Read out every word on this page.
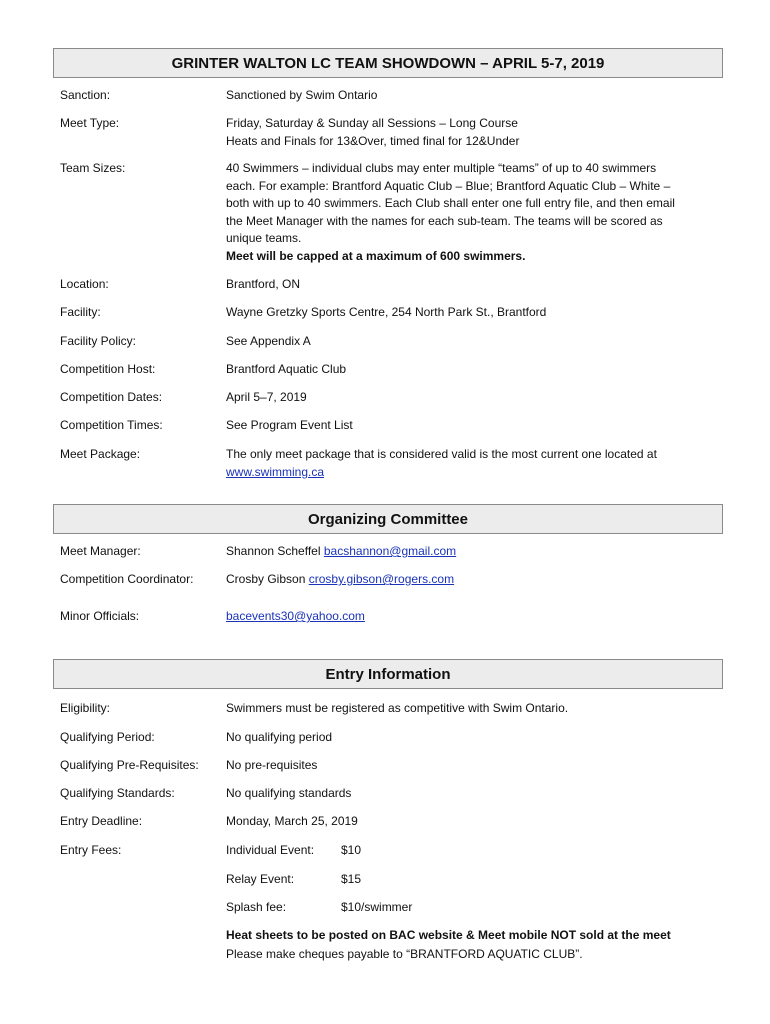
GRINTER WALTON LC TEAM SHOWDOWN – APRIL 5-7, 2019
Sanction:	Sanctioned by Swim Ontario
Meet Type:	Friday, Saturday & Sunday all Sessions – Long Course
Heats and Finals for 13&Over, timed final for 12&Under
Team Sizes:	40 Swimmers – individual clubs may enter multiple “teams” of up to 40 swimmers
each. For example: Brantford Aquatic Club – Blue; Brantford Aquatic Club – White –
both with up to 40 swimmers. Each Club shall enter one full entry file, and then email
the Meet Manager with the names for each sub-team. The teams will be scored as
unique teams.
Meet will be capped at a maximum of 600 swimmers.
Location:	Brantford, ON
Facility:	Wayne Gretzky Sports Centre, 254 North Park St., Brantford
Facility Policy:	See Appendix A
Competition Host:	Brantford Aquatic Club
Competition Dates:	April 5–7, 2019
Competition Times:	See Program Event List
Meet Package:	The only meet package that is considered valid is the most current one located at
www.swimming.ca
Organizing Committee
Meet Manager:	Shannon Scheffel bacshannon@gmail.com
Competition Coordinator:	Crosby Gibson crosby.gibson@rogers.com
Minor Officials:	bacevents30@yahoo.com
Entry Information
Eligibility:	Swimmers must be registered as competitive with Swim Ontario.
Qualifying Period:	No qualifying period
Qualifying Pre-Requisites:	No pre-requisites
Qualifying Standards:	No qualifying standards
Entry Deadline:	Monday, March 25, 2019
Entry Fees:	Individual Event:	$10
Relay Event:	$15
Splash fee:	$10/swimmer
Heat sheets to be posted on BAC website & Meet mobile NOT sold at the meet
Please make cheques payable to “BRANTFORD AQUATIC CLUB”.
